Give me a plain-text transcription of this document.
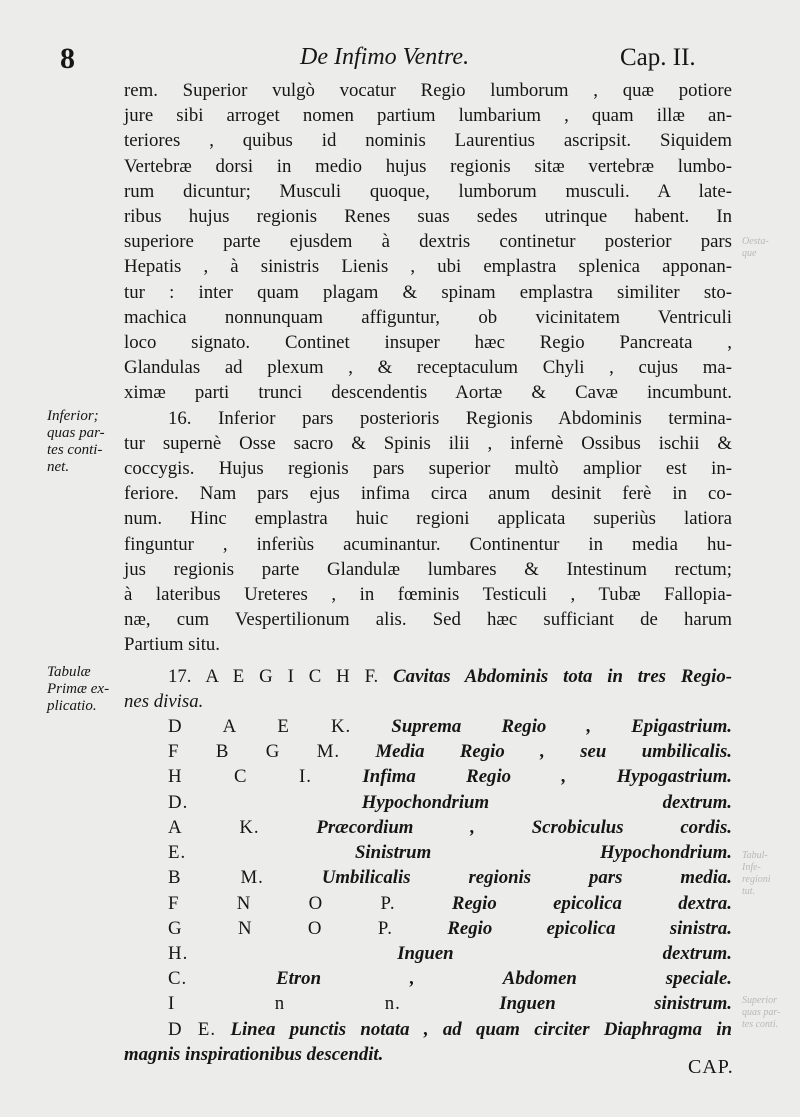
8	De Infimo Ventre.	Cap. II.
Oesta-
que
Tabul-
Infe-
regioni
tut.
Superior
quas par-
tes conti.
Inferior;
quas par-
tes conti-
net.
Tabulæ
Primæ ex-
plicatio.
rem. Superior vulgò vocatur Regio lumborum , quæ potiore
jure sibi arroget nomen partium lumbarium , quam illæ an-
teriores , quibus id nominis Laurentius ascripsit. Siquidem
Vertebræ dorsi in medio hujus regionis sitæ vertebræ lumbo-
rum dicuntur; Musculi quoque, lumborum musculi. A late-
ribus hujus regionis Renes suas sedes utrinque habent. In
superiore parte ejusdem à dextris continetur posterior pars
Hepatis , à sinistris Lienis , ubi emplastra splenica apponan-
tur : inter quam plagam & spinam emplastra similiter sto-
machica nonnunquam affiguntur, ob vicinitatem Ventriculi
loco signato. Continet insuper hæc Regio Pancreata ,
Glandulas ad plexum , & receptaculum Chyli , cujus ma-
ximæ parti trunci descendentis Aortæ & Cavæ incumbunt.
16. Inferior pars posterioris Regionis Abdominis termina-
tur supernè Osse sacro & Spinis ilii , infernè Ossibus ischii &
coccygis. Hujus regionis pars superior multò amplior est in-
feriore. Nam pars ejus infima circa anum desinit ferè in co-
num. Hinc emplastra huic regioni applicata superiùs latiora
finguntur , inferiùs acuminantur. Continentur in media hu-
jus regionis parte Glandulæ lumbares & Intestinum rectum;
à lateribus Ureteres , in fœminis Testiculi , Tubæ Fallopia-
næ, cum Vespertilionum alis. Sed hæc sufficiant de harum
Partium situ.
17. A E G I C H F. Cavitas Abdominis tota in tres Regio-
nes divisa.
D A E K. Suprema Regio , Epigastrium.
F B G M. Media Regio , seu umbilicalis.
H C I.	Infima Regio , Hypogastrium.
D.	Hypochondrium dextrum.
A K.	Præcordium , Scrobiculus cordis.
E.	Sinistrum Hypochondrium.
B M.	Umbilicalis regionis pars media.
F N O P.	Regio epicolica dextra.
G N O P.	Regio epicolica sinistra.
H.	Inguen dextrum.
C.	Etron , Abdomen speciale.
I n n.	Inguen sinistrum.
D E. Linea punctis notata , ad quam circiter Diaphragma in
magnis inspirationibus descendit.
CAP.
